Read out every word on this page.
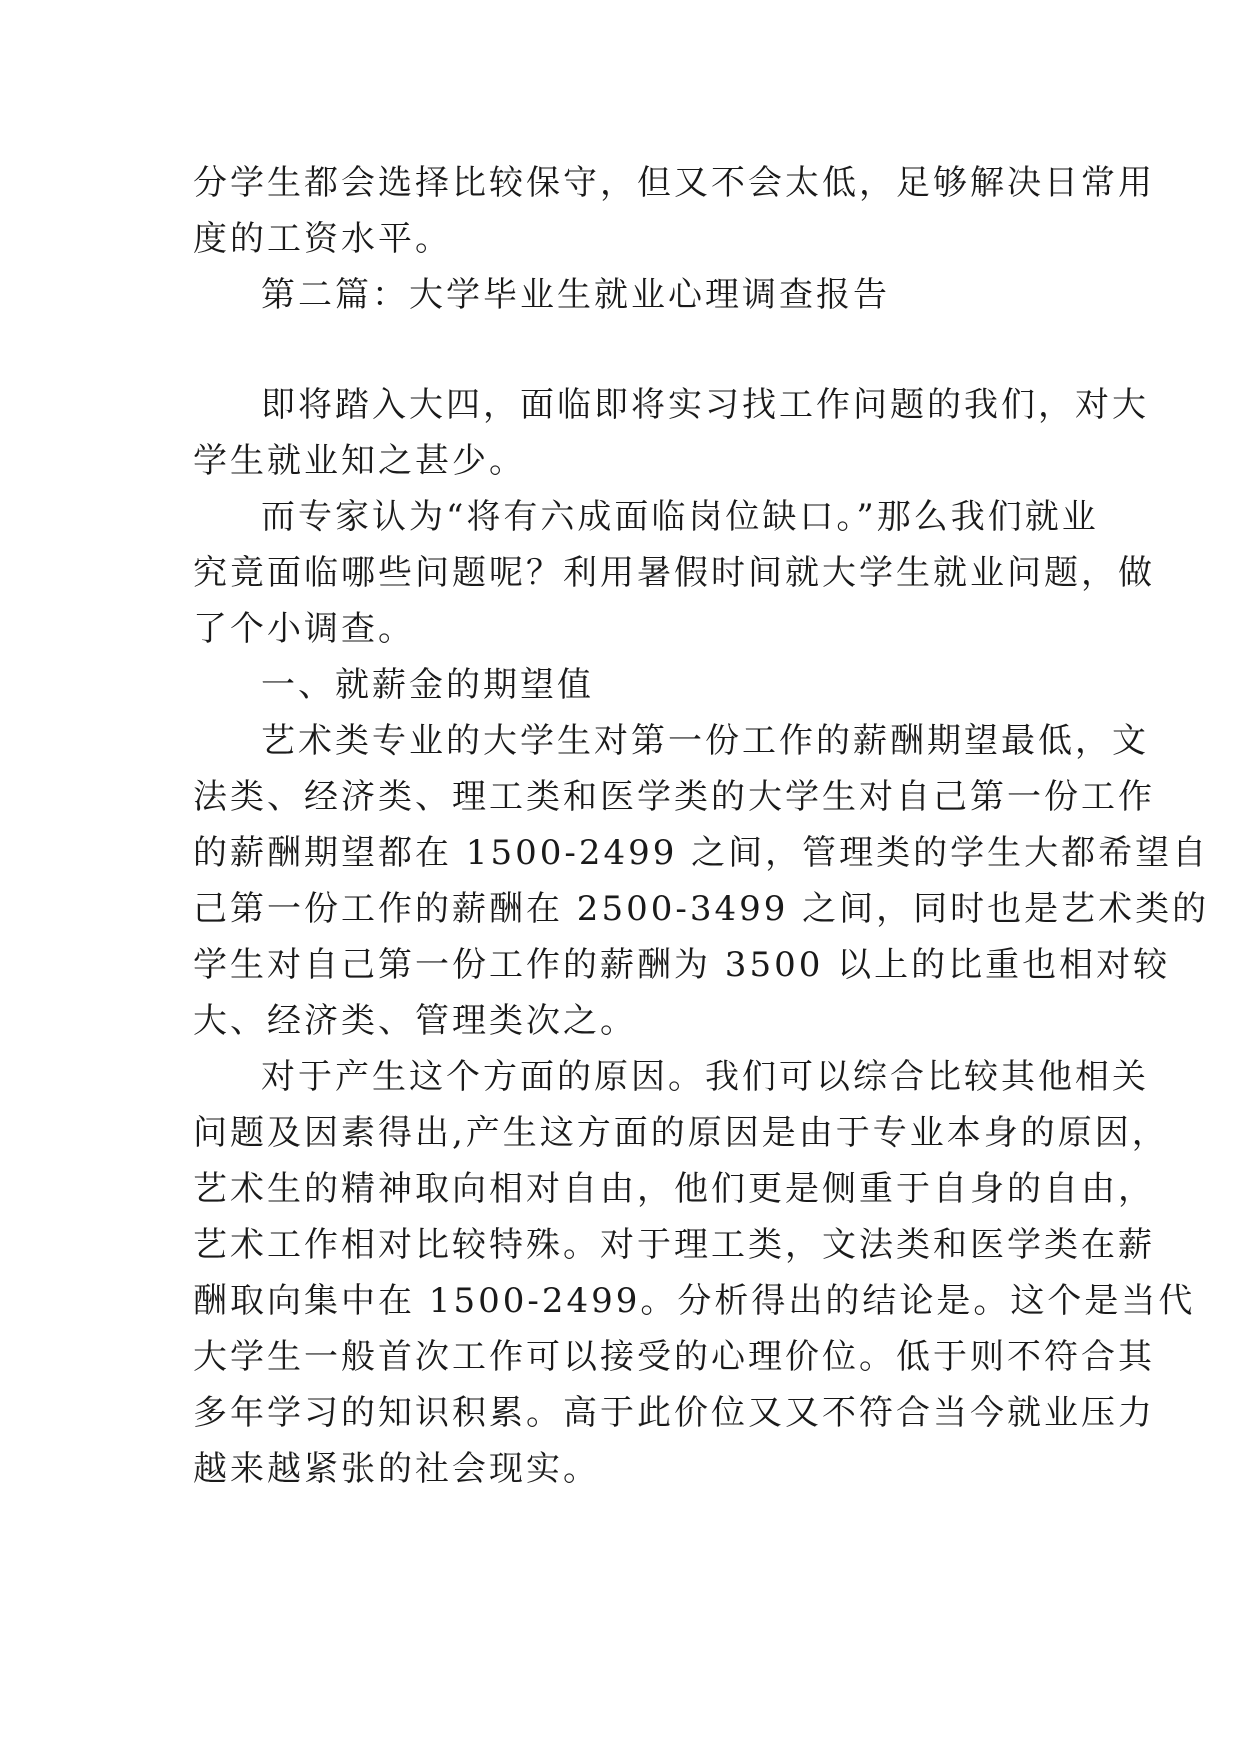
分学生都会选择比较保守，但又不会太低，足够解决日常用
度的工资水平。
第二篇：大学毕业生就业心理调查报告
即将踏入大四，面临即将实习找工作问题的我们，对大
学生就业知之甚少。
而专家认为“将有六成面临岗位缺口。”那么我们就业
究竟面临哪些问题呢？利用暑假时间就大学生就业问题，做
了个小调查。
一、就薪金的期望值
艺术类专业的大学生对第一份工作的薪酬期望最低，文
法类、经济类、理工类和医学类的大学生对自己第一份工作
的薪酬期望都在 1500-2499 之间，管理类的学生大都希望自
己第一份工作的薪酬在 2500-3499 之间，同时也是艺术类的
学生对自己第一份工作的薪酬为 3500 以上的比重也相对较
大、经济类、管理类次之。
对于产生这个方面的原因。我们可以综合比较其他相关
问题及因素得出,产生这方面的原因是由于专业本身的原因，
艺术生的精神取向相对自由，他们更是侧重于自身的自由，
艺术工作相对比较特殊。对于理工类，文法类和医学类在薪
酬取向集中在 1500-2499。分析得出的结论是。这个是当代
大学生一般首次工作可以接受的心理价位。低于则不符合其
多年学习的知识积累。高于此价位又又不符合当今就业压力
越来越紧张的社会现实。
